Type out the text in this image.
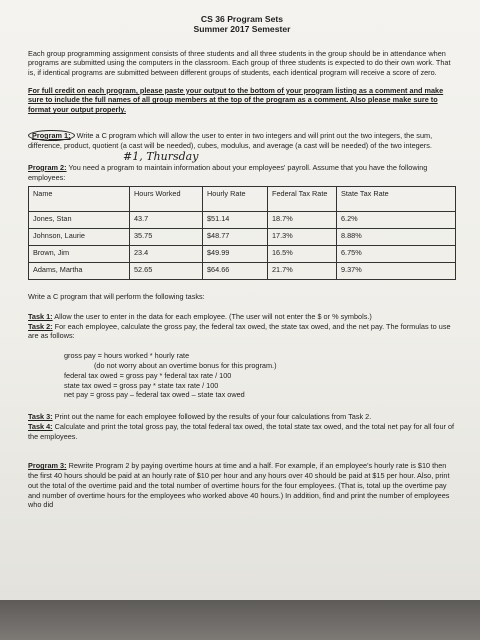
CS 36 Program Sets
Summer 2017 Semester

Each group programming assignment consists of three students and all three students in the group should be in attendance when programs are submitted using the computers in the classroom. Each group of three students is expected to do their own work. That is, if identical programs are submitted between different groups of students, each identical program will receive a score of zero.

For full credit on each program, please paste your output to the bottom of your program listing as a comment and make sure to include the full names of all group members at the top of the program as a comment. Also please make sure to format your output properly.

Program 1: Write a C program which will allow the user to enter in two integers and will print out the two integers, the sum, difference, product, quotient (a cast will be needed), cubes, modulus, and average (a cast will be needed) of the two integers.

#1, Thursday

Program 2: You need a program to maintain information about your employees' payroll. Assume that you have the following employees:

Name	Hours Worked	Hourly Rate	Federal Tax Rate	State Tax Rate
Jones, Stan	43.7	$51.14	18.7%	6.2%
Johnson, Laurie	35.75	$48.77	17.3%	8.88%
Brown, Jim	23.4	$49.99	16.5%	6.75%
Adams, Martha	52.65	$64.66	21.7%	9.37%

Write a C program that will perform the following tasks:

Task 1: Allow the user to enter in the data for each employee. (The user will not enter the $ or % symbols.)

Task 2: For each employee, calculate the gross pay, the federal tax owed, the state tax owed, and the net pay. The formulas to use are as follows:

gross pay = hours worked * hourly rate
(do not worry about an overtime bonus for this program.)
federal tax owed = gross pay * federal tax rate / 100
state tax owed = gross pay * state tax rate / 100
net pay = gross pay – federal tax owed – state tax owed

Task 3: Print out the name for each employee followed by the results of your four calculations from Task 2.

Task 4: Calculate and print the total gross pay, the total federal tax owed, the total state tax owed, and the total net pay for all four of the employees.

Program 3: Rewrite Program 2 by paying overtime hours at time and a half. For example, if an employee's hourly rate is $10 then the first 40 hours should be paid at an hourly rate of $10 per hour and any hours over 40 should be paid at $15 per hour. Also, print out the total of the overtime paid and the total number of overtime hours for the four employees. (That is, total up the overtime pay and number of overtime hours for the employees who worked above 40 hours.) In addition, find and print the number of employees who did
